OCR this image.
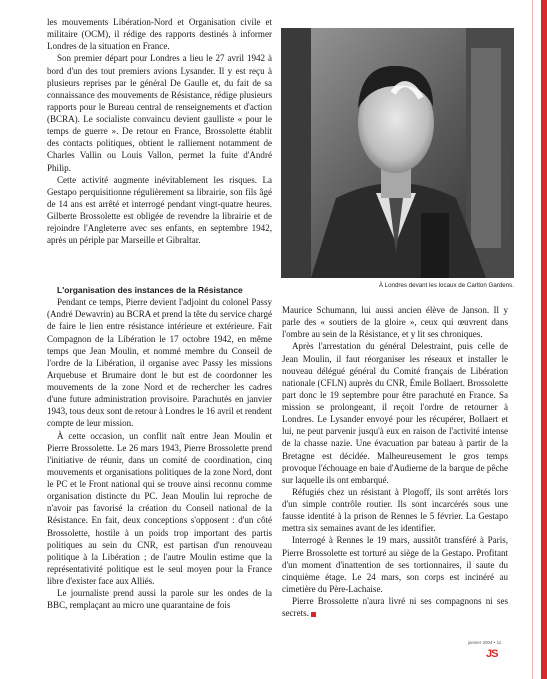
les mouvements Libération-Nord et Organisation civile et militaire (OCM), il rédige des rapports destinés à informer Londres de la situation en France.

Son premier départ pour Londres a lieu le 27 avril 1942 à bord d'un des tout premiers avions Lysander. Il y est reçu à plusieurs reprises par le général De Gaulle et, du fait de sa connaissance des mouvements de Résistance, rédige plusieurs rapports pour le Bureau central de renseignements et d'action (BCRA). Le socialiste convaincu devient gaulliste « pour le temps de guerre ». De retour en France, Brossolette établit des contacts politiques, obtient le ralliement notamment de Charles Vallin ou Louis Vallon, permet la fuite d'André Philip.

Cette activité augmente inévitablement les risques. La Gestapo perquisitionne régulièrement sa librairie, son fils âgé de 14 ans est arrêté et interrogé pendant vingt-quatre heures. Gilberte Brossolette est obligée de revendre la librairie et de rejoindre l'Angleterre avec ses enfants, en septembre 1942, après un périple par Marseille et Gibraltar.

L'organisation des instances de la Résistance

Pendant ce temps, Pierre devient l'adjoint du colonel Passy (André Dewavrin) au BCRA et prend la tête du service chargé de faire le lien entre résistance intérieure et extérieure. Fait Compagnon de la Libération le 17 octobre 1942, en même temps que Jean Moulin, et nommé membre du Conseil de l'ordre de la Libération, il organise avec Passy les missions Arquebuse et Brumaire dont le but est de coordonner les mouvements de la zone Nord et de rechercher les cadres d'une future administration provisoire. Parachutés en janvier 1943, tous deux sont de retour à Londres le 16 avril et rendent compte de leur mission.

À cette occasion, un conflit naît entre Jean Moulin et Pierre Brossolette. Le 26 mars 1943, Pierre Brossolette prend l'initiative de réunir, dans un comité de coordination, cinq mouvements et organisations politiques de la zone Nord, dont le PC et le Front national qui se trouve ainsi reconnu comme organisation distincte du PC. Jean Moulin lui reproche de n'avoir pas favorisé la création du Conseil national de la Résistance. En fait, deux conceptions s'opposent : d'un côté Brossolette, hostile à un poids trop important des partis politiques au sein du CNR, est partisan d'un renouveau politique à la Libération ; de l'autre Moulin estime que la représentativité politique est le seul moyen pour la France libre d'exister face aux Alliés.

Le journaliste prend aussi la parole sur les ondes de la BBC, remplaçant au micro une quarantaine de fois

© collections du Musée de l'Ordre de la Libération, Paris
À Londres devant les locaux de Carlton Gardens.

Maurice Schumann, lui aussi ancien élève de Janson. Il y parle des « soutiers de la gloire », ceux qui œuvrent dans l'ombre au sein de la Résistance, et y lit ses chroniques.

Après l'arrestation du général Delestraint, puis celle de Jean Moulin, il faut réorganiser les réseaux et installer le nouveau délégué général du Comité français de Libération nationale (CFLN) auprès du CNR, Émile Bollaert. Brossolette part donc le 19 septembre pour être parachuté en France. Sa mission se prolongeant, il reçoit l'ordre de retourner à Londres. Le Lysander envoyé pour les récupérer, Bollaert et lui, ne peut parvenir jusqu'à eux en raison de l'activité intense de la chasse nazie. Une évacuation par bateau à partir de la Bretagne est décidée. Malheureusement le gros temps provoque l'échouage en baie d'Audierne de la barque de pêche sur laquelle ils ont embarqué.

Réfugiés chez un résistant à Plogoff, ils sont arrêtés lors d'un simple contrôle routier. Ils sont incarcérés sous une fausse identité à la prison de Rennes le 5 février. La Gestapo mettra six semaines avant de les identifier.

Interrogé à Rennes le 19 mars, aussitôt transféré à Paris, Pierre Brossolette est torturé au siège de la Gestapo. Profitant d'un moment d'inattention de ses tortionnaires, il saute du cinquième étage. Le 24 mars, son corps est incinéré au cimetière du Père-Lachaise.

Pierre Brossolette n'aura livré ni ses compagnons ni ses secrets.

janvier 2004 • 11
JS
